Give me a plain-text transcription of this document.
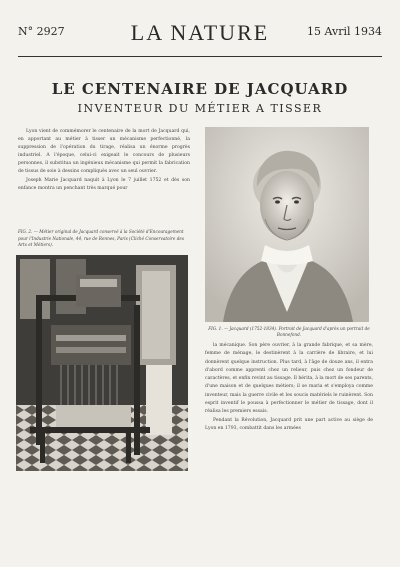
N° 2927	LA NATURE	15 Avril 1934
LE CENTENAIRE DE JACQUARD
INVENTEUR DU MÉTIER A TISSER

Lyon vient de commémorer le centenaire de la mort de Jacquard qui, en apportant au métier à tisser un mécanisme perfectionné, la suppression de l'opération du tirage, réalisa un énorme progrès industriel. A l'époque, celui-ci exigeait le concours de plusieurs personnes, il substitua un ingénieux mécanisme qui permit la fabrication de tissus de soie à dessins compliqués avec un seul ouvrier.

Joseph Marie Jacquard naquit à Lyon le 7 juillet 1752 et dès son enfance montra un penchant très marqué pour

FIG. 2. — Métier original de Jacquard conservé à la Société d'Encouragement pour l'Industrie Nationale, 44, rue de Rennes, Paris (Cliché Conservatoire des Arts et Métiers).
FIG. 1. — Jacquard (1752-1834). Portrait de Jacquard d'après un portrait de Bonnefond.

la mécanique. Son père ouvrier, à la grande fabrique, et sa mère, femme de ménage, le destinèrent à la carrière de libraire, et lui donnèrent quelque instruction. Plus tard, à l'âge de douze ans, il entra d'abord comme apprenti chez un relieur, puis chez un fondeur de caractères, et enfin revint au tissage. Il hérita, à la mort de ses parents, d'une maison et de quelques métiers; il se maria et s'employa comme inventeur, mais la guerre civile et les soucis matériels le ruinèrent. Son esprit inventif le poussa à perfectionner le métier de tissage, dont il réalisa les premiers essais.

Pendant la Révolution, Jacquard prit une part active au siège de Lyon en 1793, combattit dans les armées
